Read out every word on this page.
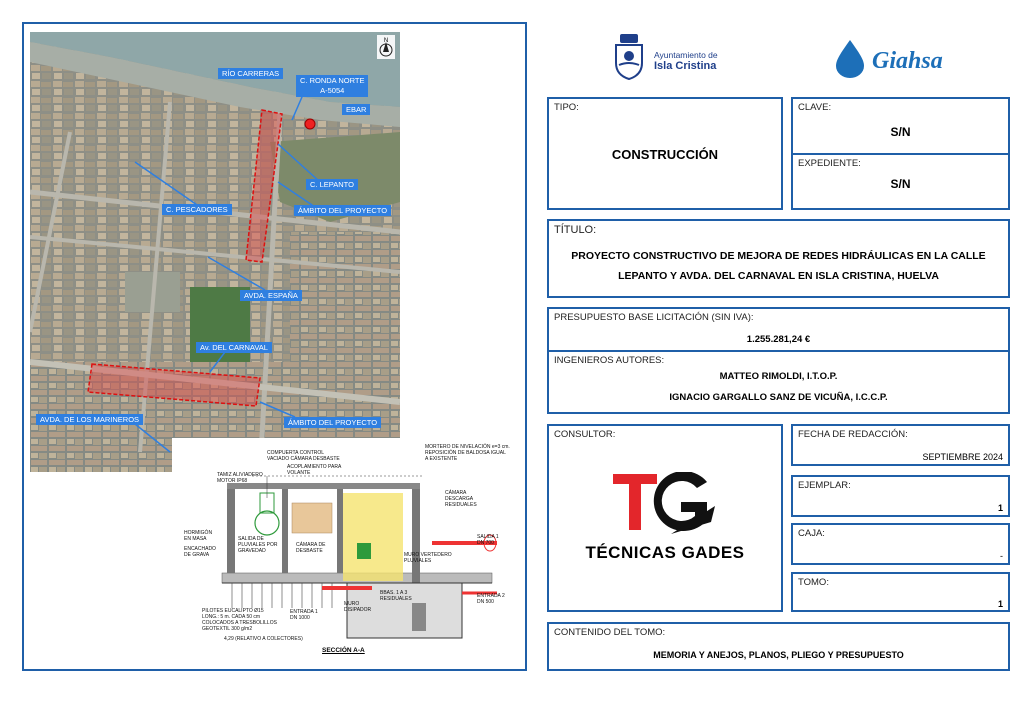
N
RÍO CARRERAS
C. RONDA NORTE
A-5054
EBAR
C. LEPANTO
C. PESCADORES	ÁMBITO DEL PROYECTO
AVDA. ESPAÑA
Av. DEL CARNAVAL
AVDA. DE LOS MARINEROS	ÁMBITO DEL PROYECTO
COMPUERTA CONTROL
VACIADO CÁMARA DESBASTE
ACOPLAMIENTO PARA
VOLANTE
TAMIZ ALIVIADERO
MOTOR IP68
MORTERO DE NIVELACIÓN e=3 cm.
REPOSICIÓN DE BALDOSA IGUAL
A EXISTENTE
CÁMARA
DESCARGA
RESIDUALES
SALIDA 1
DN 700
HORMIGÓN
EN MASA
ENCACHADO
DE GRAVA
SALIDA DE
PLUVIALES POR
GRAVEDAD
CÁMARA DE
DESBASTE
MURO VERTEDERO
PLUVIALES
BBAS. 1 A 3
RESIDUALES	ENTRADA 2
DN 500
MURO
DISIPADOR
PILOTES EUCALIPTO Ø15
LONG.: 5 m. CADA 50 cm
COLOCADOS A TRESBOLILLOS
GEOTEXTIL 300 g/m2
ENTRADA 1
DN 1000
4,29 (RELATIVO A COLECTORES)
SECCIÓN A-A
Ayuntamiento de
Isla Cristina	Giahsa
TIPO:
CONSTRUCCIÓN
CLAVE:
S/N
EXPEDIENTE:
S/N
TÍTULO:
PROYECTO CONSTRUCTIVO DE MEJORA DE REDES HIDRÁULICAS EN LA CALLE
LEPANTO Y AVDA. DEL CARNAVAL EN ISLA CRISTINA, HUELVA
PRESUPUESTO BASE LICITACIÓN (SIN IVA):
1.255.281,24 €
INGENIEROS AUTORES:
MATTEO RIMOLDI, I.T.O.P.
IGNACIO GARGALLO SANZ DE VICUÑA, I.C.C.P.
CONSULTOR:
TÉCNICAS GADES
FECHA DE REDACCIÓN:
SEPTIEMBRE 2024
EJEMPLAR:
1
CAJA:
-
TOMO:
1
CONTENIDO DEL TOMO:
MEMORIA Y ANEJOS, PLANOS, PLIEGO Y PRESUPUESTO
